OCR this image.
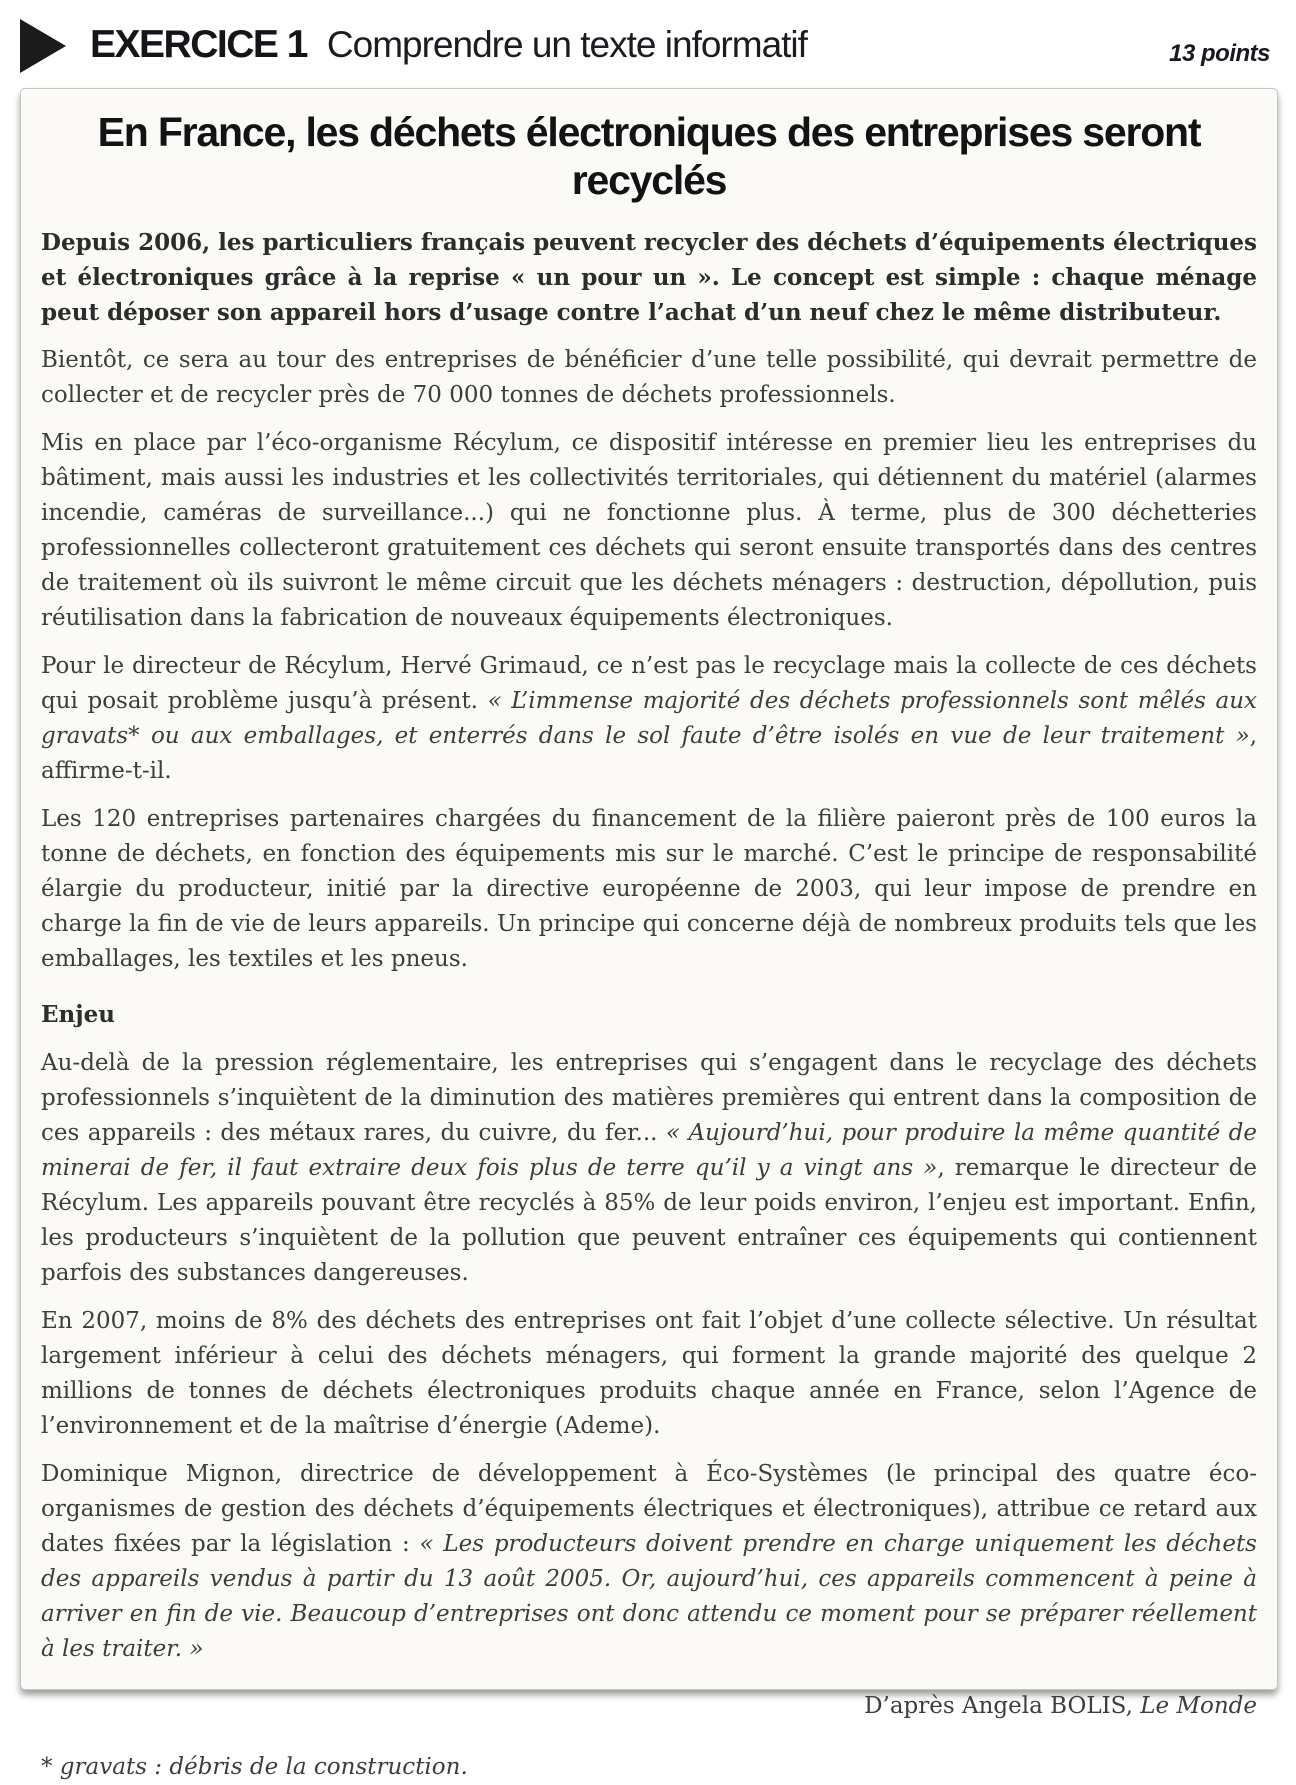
EXERCICE 1 Comprendre un texte informatif	13 points
En France, les déchets électroniques des entreprises seront recyclés

Depuis 2006, les particuliers français peuvent recycler des déchets d’équipements électriques et électroniques grâce à la reprise « un pour un ». Le concept est simple : chaque ménage peut déposer son appareil hors d’usage contre l’achat d’un neuf chez le même distributeur.

Bientôt, ce sera au tour des entreprises de bénéficier d’une telle possibilité, qui devrait permettre de collecter et de recycler près de 70 000 tonnes de déchets professionnels.

Mis en place par l’éco-organisme Récylum, ce dispositif intéresse en premier lieu les entreprises du bâtiment, mais aussi les industries et les collectivités territoriales, qui détiennent du matériel (alarmes incendie, caméras de surveillance...) qui ne fonctionne plus. À terme, plus de 300 déchetteries professionnelles collecteront gratuitement ces déchets qui seront ensuite transportés dans des centres de traitement où ils suivront le même circuit que les déchets ménagers : destruction, dépollution, puis réutilisation dans la fabrication de nouveaux équipements électroniques.

Pour le directeur de Récylum, Hervé Grimaud, ce n’est pas le recyclage mais la collecte de ces déchets qui posait problème jusqu’à présent. « L’immense majorité des déchets professionnels sont mêlés aux gravats* ou aux emballages, et enterrés dans le sol faute d’être isolés en vue de leur traitement », affirme-t-il.

Les 120 entreprises partenaires chargées du financement de la filière paieront près de 100 euros la tonne de déchets, en fonction des équipements mis sur le marché. C’est le principe de responsabilité élargie du producteur, initié par la directive européenne de 2003, qui leur impose de prendre en charge la fin de vie de leurs appareils. Un principe qui concerne déjà de nombreux produits tels que les emballages, les textiles et les pneus.

Enjeu

Au-delà de la pression réglementaire, les entreprises qui s’engagent dans le recyclage des déchets professionnels s’inquiètent de la diminution des matières premières qui entrent dans la composition de ces appareils : des métaux rares, du cuivre, du fer... « Aujourd’hui, pour produire la même quantité de minerai de fer, il faut extraire deux fois plus de terre qu’il y a vingt ans », remarque le directeur de Récylum. Les appareils pouvant être recyclés à 85% de leur poids environ, l’enjeu est important. Enfin, les producteurs s’inquiètent de la pollution que peuvent entraîner ces équipements qui contiennent parfois des substances dangereuses.

En 2007, moins de 8% des déchets des entreprises ont fait l’objet d’une collecte sélective. Un résultat largement inférieur à celui des déchets ménagers, qui forment la grande majorité des quelque 2 millions de tonnes de déchets électroniques produits chaque année en France, selon l’Agence de l’environnement et de la maîtrise d’énergie (Ademe).

Dominique Mignon, directrice de développement à Éco-Systèmes (le principal des quatre éco-organismes de gestion des déchets d’équipements électriques et électroniques), attribue ce retard aux dates fixées par la législation : « Les producteurs doivent prendre en charge uniquement les déchets des appareils vendus à partir du 13 août 2005. Or, aujourd’hui, ces appareils commencent à peine à arriver en fin de vie. Beaucoup d’entreprises ont donc attendu ce moment pour se préparer réellement à les traiter. »

D’après Angela BOLIS, Le Monde

* gravats : débris de la construction.
